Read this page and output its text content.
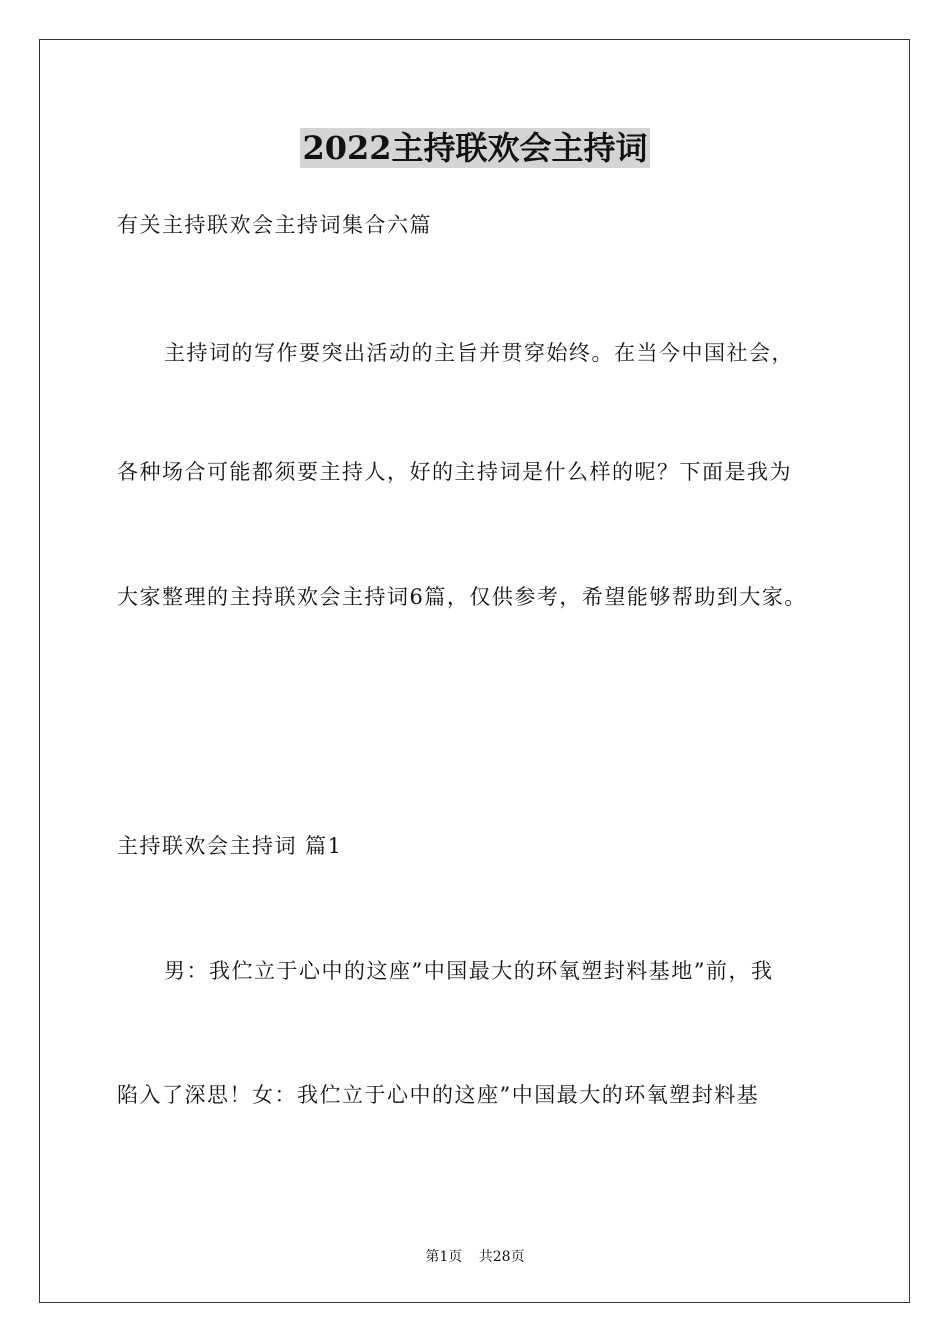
2022主持联欢会主持词
有关主持联欢会主持词集合六篇
主持词的写作要突出活动的主旨并贯穿始终。在当今中国社会，
各种场合可能都须要主持人，好的主持词是什么样的呢？下面是我为
大家整理的主持联欢会主持词6篇，仅供参考，希望能够帮助到大家。
主持联欢会主持词 篇1
男：我伫立于心中的这座”中国最大的环氧塑封料基地”前，我
陷入了深思！女：我伫立于心中的这座”中国最大的环氧塑封料基
第1页 共28页
